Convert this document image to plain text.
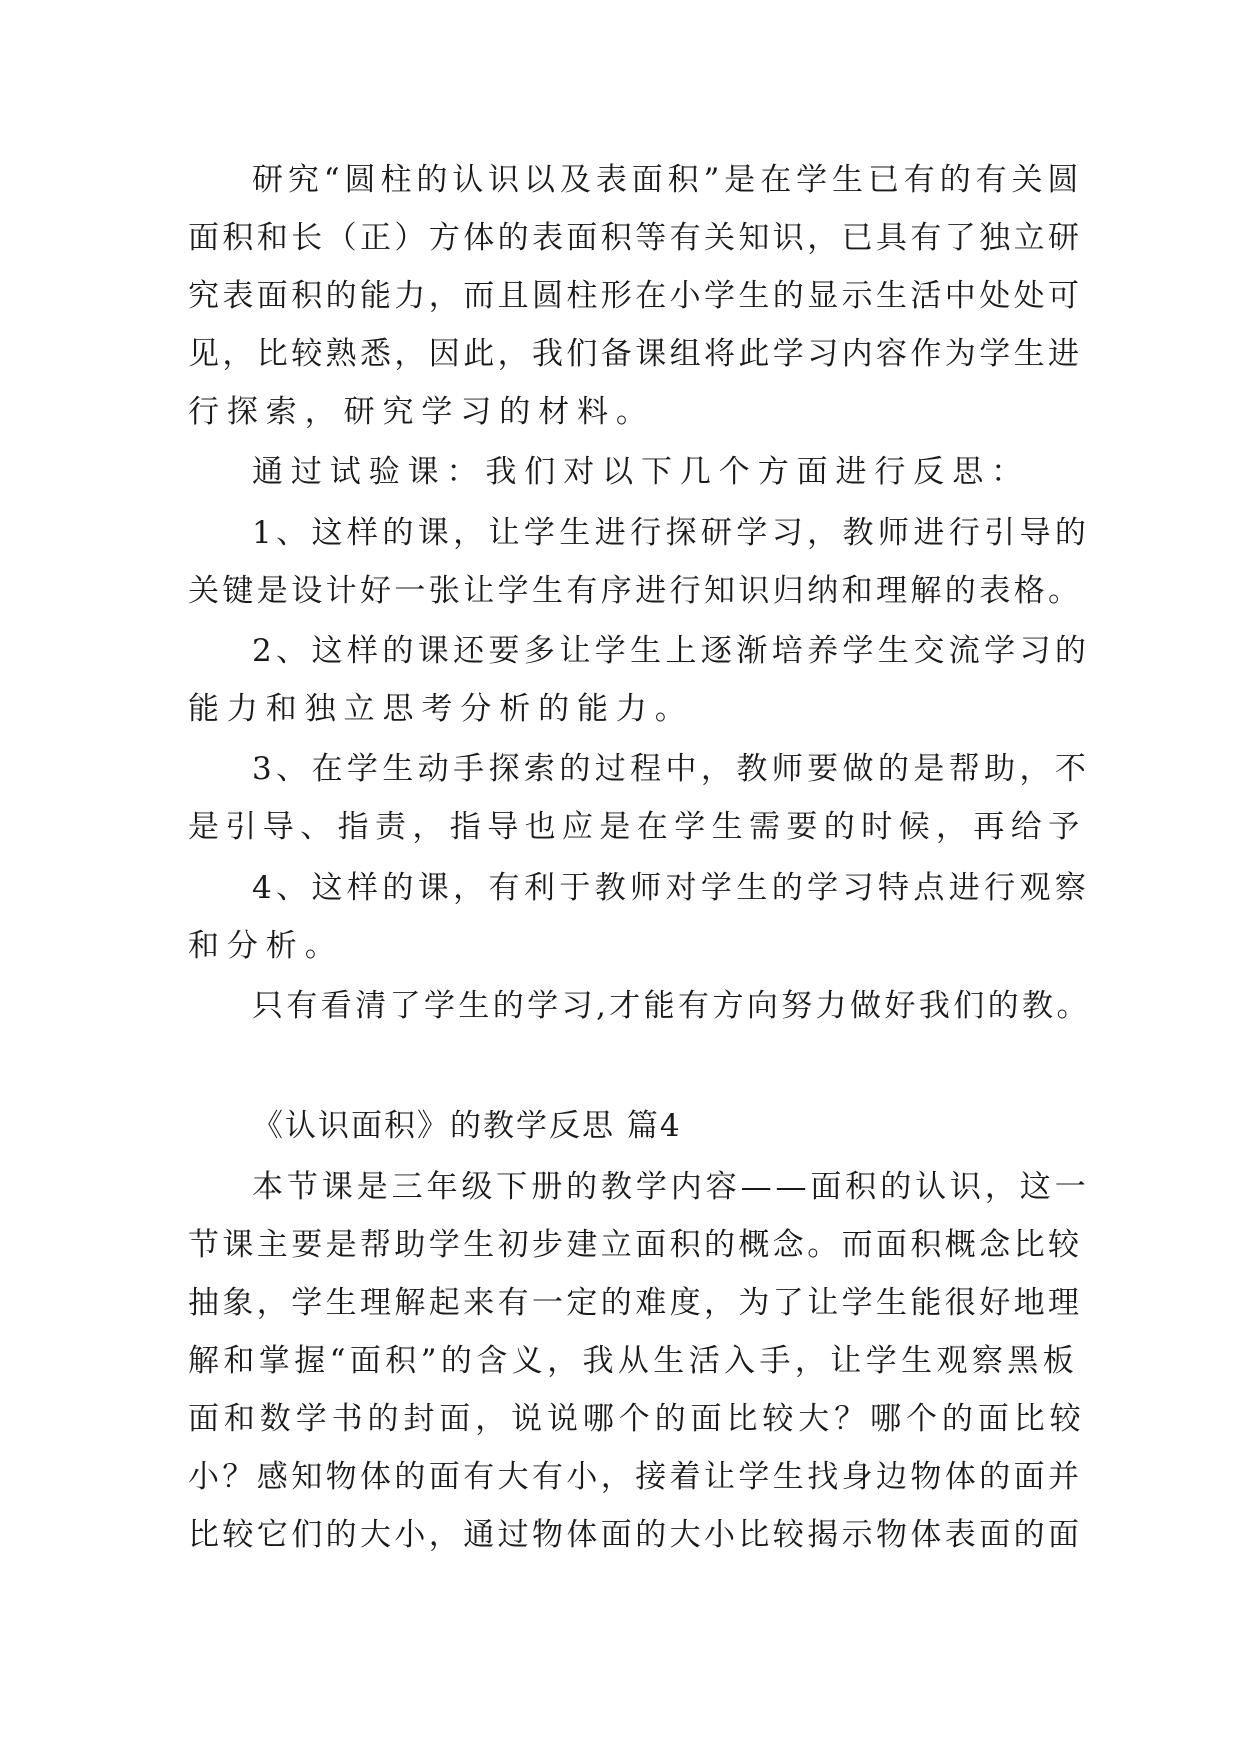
研究“圆柱的认识以及表面积”是在学生已有的有关圆

面积和长（正）方体的表面积等有关知识，已具有了独立研

究表面积的能力，而且圆柱形在小学生的显示生活中处处可

见，比较熟悉，因此，我们备课组将此学习内容作为学生进

行探索，研究学习的材料。

通过试验课：我们对以下几个方面进行反思：

1、这样的课，让学生进行探研学习，教师进行引导的

关键是设计好一张让学生有序进行知识归纳和理解的表格。

2、这样的课还要多让学生上逐渐培养学生交流学习的

能力和独立思考分析的能力。

3、在学生动手探索的过程中，教师要做的是帮助，不

是引导、指责，指导也应是在学生需要的时候，再给予

4、这样的课，有利于教师对学生的学习特点进行观察

和分析。

只有看清了学生的学习,才能有方向努力做好我们的教。

《认识面积》的教学反思 篇4

本节课是三年级下册的教学内容——面积的认识，这一

节课主要是帮助学生初步建立面积的概念。而面积概念比较

抽象，学生理解起来有一定的难度，为了让学生能很好地理

解和掌握“面积”的含义，我从生活入手，让学生观察黑板

面和数学书的封面，说说哪个的面比较大？哪个的面比较

小？感知物体的面有大有小，接着让学生找身边物体的面并

比较它们的大小，通过物体面的大小比较揭示物体表面的面
